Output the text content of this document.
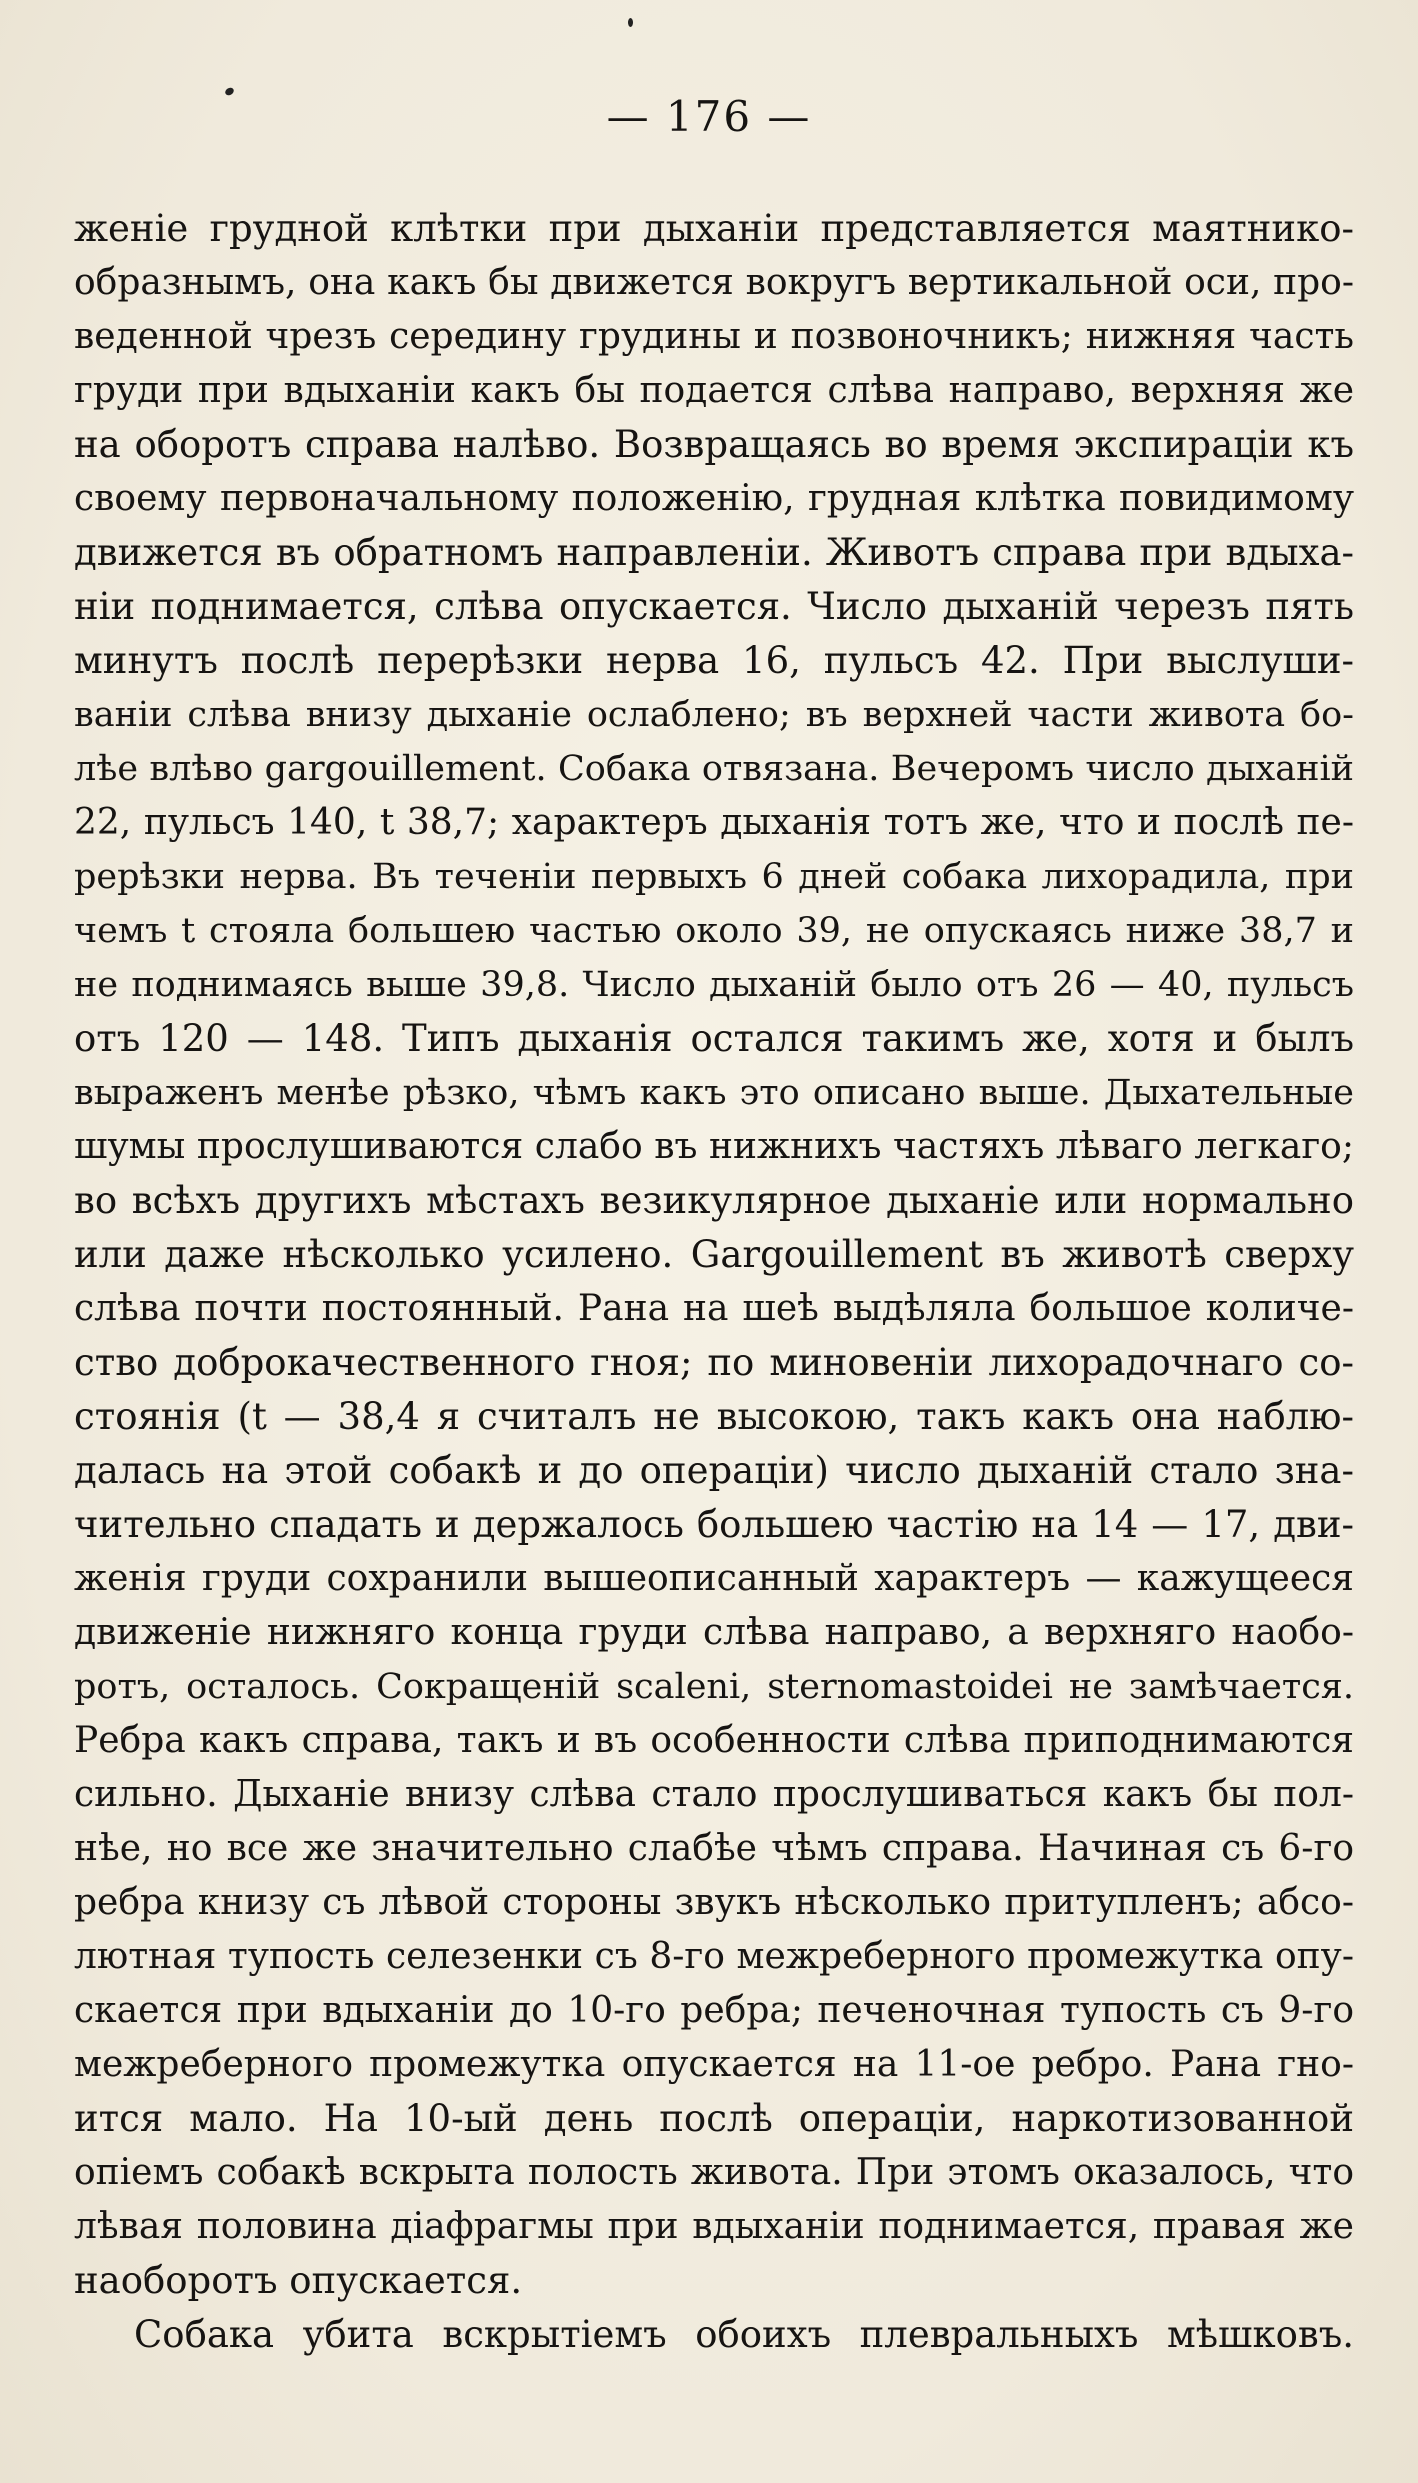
— 176 —
женіе грудной клѣтки при дыханіи представляется маятнико-
образнымъ, она какъ бы движется вокругъ вертикальной оси, про-
веденной чрезъ середину грудины и позвоночникъ; нижняя часть
груди при вдыханіи какъ бы подается слѣва направо, верхняя же
на оборотъ справа налѣво. Возвращаясь во время экспираціи къ
своему первоначальному положенію, грудная клѣтка повидимому
движется въ обратномъ направленіи. Животъ справа при вдыха-
ніи поднимается, слѣва опускается. Число дыханій черезъ пять
минутъ послѣ перерѣзки нерва 16, пульсъ 42. При выслуши-
ваніи слѣва внизу дыханіе ослаблено; въ верхней части живота бо-
лѣе влѣво gargouillement. Собака отвязана. Вечеромъ число дыханій
22, пульсъ 140, t 38,7; характеръ дыханія тотъ же, что и послѣ пе-
рерѣзки нерва. Въ теченіи первыхъ 6 дней собака лихорадила, при
чемъ t стояла большею частью около 39, не опускаясь ниже 38,7 и
не поднимаясь выше 39,8. Число дыханій было отъ 26 — 40, пульсъ
отъ 120 — 148. Типъ дыханія остался такимъ же, хотя и былъ
выраженъ менѣе рѣзко, чѣмъ какъ это описано выше. Дыхательные
шумы прослушиваются слабо въ нижнихъ частяхъ лѣваго легкаго;
во всѣхъ другихъ мѣстахъ везикулярное дыханіе или нормально
или даже нѣсколько усилено. Gargouillement въ животѣ сверху
слѣва почти постоянный. Рана на шеѣ выдѣляла большое количе-
ство доброкачественного гноя; по миновеніи лихорадочнаго со-
стоянія (t — 38,4 я считалъ не высокою, такъ какъ она наблю-
далась на этой собакѣ и до операціи) число дыханій стало зна-
чительно спадать и держалось большею частію на 14 — 17, дви-
женія груди сохранили вышеописанный характеръ — кажущееся
движеніе нижняго конца груди слѣва направо, а верхняго наобо-
ротъ, осталось. Сокращеній scaleni, sternomastoidei не замѣчается.
Ребра какъ справа, такъ и въ особенности слѣва приподнимаются
сильно. Дыханіе внизу слѣва стало прослушиваться какъ бы пол-
нѣе, но все же значительно слабѣе чѣмъ справа. Начиная съ 6-го
ребра книзу съ лѣвой стороны звукъ нѣсколько притупленъ; абсо-
лютная тупость селезенки съ 8-го межреберного промежутка опу-
скается при вдыханіи до 10-го ребра; печеночная тупость съ 9-го
межреберного промежутка опускается на 11-ое ребро. Рана гно-
ится мало. На 10-ый день послѣ операціи, наркотизованной
опіемъ собакѣ вскрыта полость живота. При этомъ оказалось, что
лѣвая половина діафрагмы при вдыханіи поднимается, правая же
наоборотъ опускается.
Собака убита вскрытіемъ обоихъ плевральныхъ мѣшковъ.
